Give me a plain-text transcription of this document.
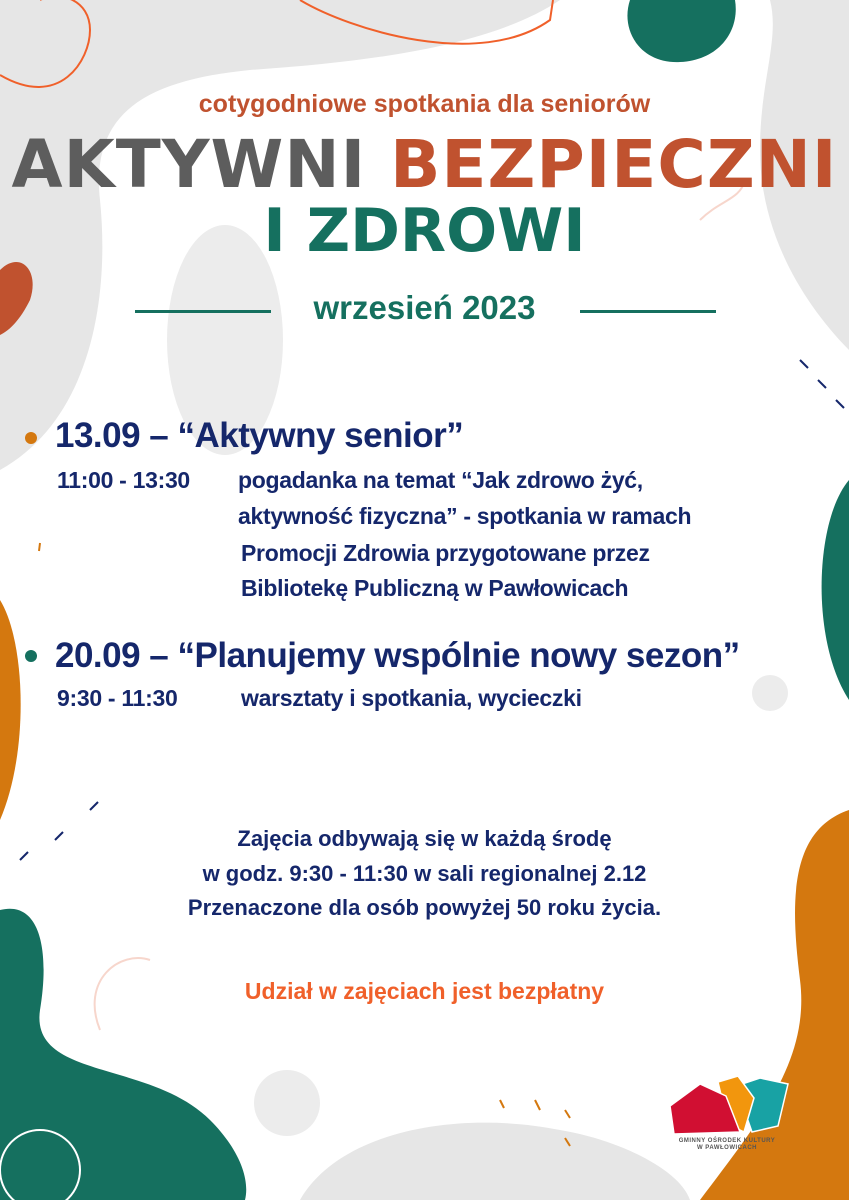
GMINNY OŚRODEK KULTURY
W PAWŁOWICACH

cotygodniowe spotkania dla seniorów

AKTYWNI BEZPIECZNI

I ZDROWI

wrzesień 2023

13.09 – “Aktywny senior”

11:00 - 13:30 pogadanka na temat “Jak zdrowo żyć,

aktywność fizyczna” - spotkania w ramach

Promocji Zdrowia przygotowane przez

Bibliotekę Publiczną w Pawłowicach

20.09 – “Planujemy wspólnie nowy sezon”

9:30 - 11:30	warsztaty i spotkania, wycieczki

Zajęcia odbywają się w każdą środę

w godz. 9:30 - 11:30 w sali regionalnej 2.12

Przenaczone dla osób powyżej 50 roku życia.

Udział w zajęciach jest bezpłatny
